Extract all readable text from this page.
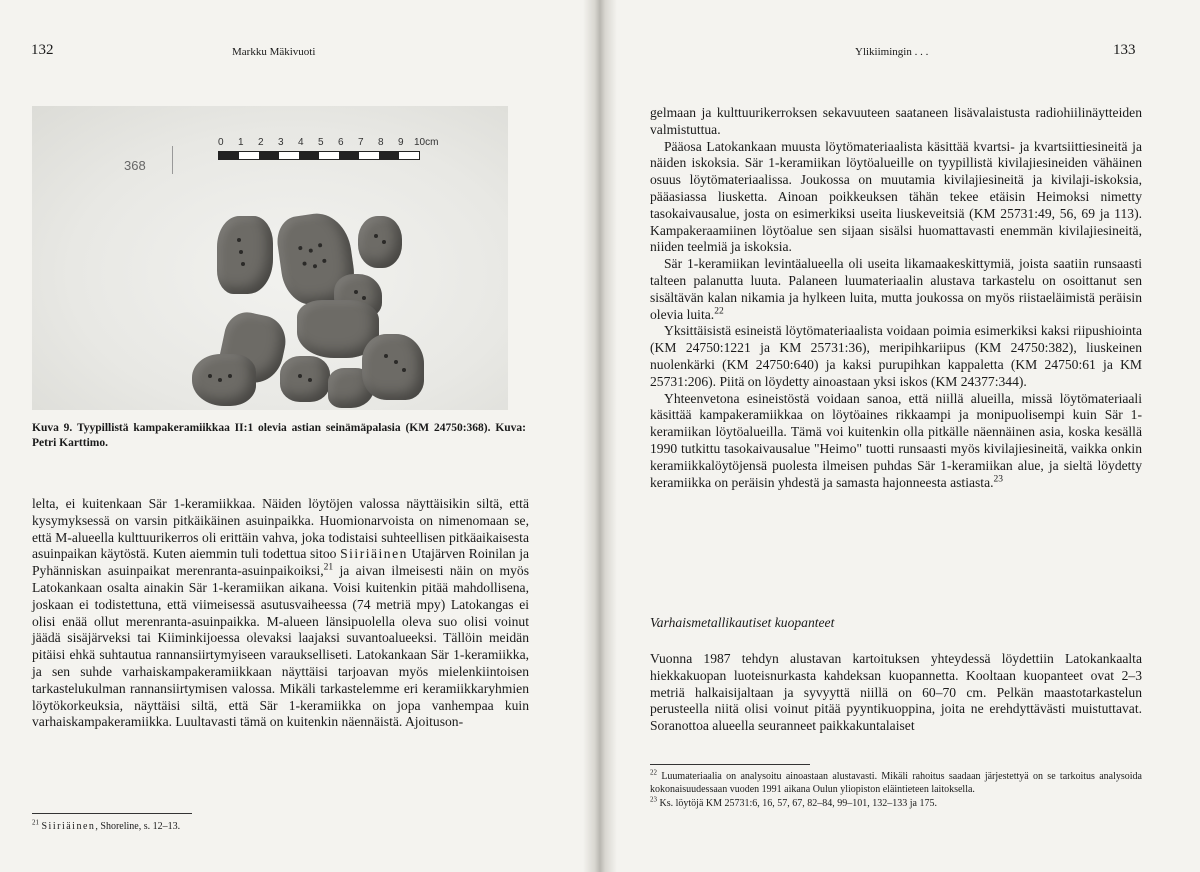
132	Markku Mäkivuoti
368
0 1 2 3 4 5 6 7 8 9 10cm
Kuva 9. Tyypillistä kampakeramiikkaa II:1 olevia astian seinämäpalasia (KM 24750:368). Kuva: Petri Karttimo.

lelta, ei kuitenkaan Sär 1-keramiikkaa. Näiden löytöjen valossa näyttäisikin siltä, että kysymyksessä on varsin pitkäikäinen asuinpaikka. Huomionarvoista on nimenomaan se, että M-alueella kulttuurikerros oli erittäin vahva, joka todistaisi suhteellisen pitkäaikaisesta asuinpaikan käytöstä. Kuten aiemmin tuli todettua sitoo Siiriäinen Utajärven Roinilan ja Pyhänniskan asuinpaikat merenranta-asuinpaikoiksi,$^{21}$ ja aivan ilmeisesti näin on myös Latokankaan osalta ainakin Sär 1-keramiikan aikana. Voisi kuitenkin pitää mahdollisena, joskaan ei todistettuna, että viimeisessä asutusvaiheessa (74 metriä mpy) Latokangas ei olisi enää ollut merenranta-asuinpaikka. M-alueen länsipuolella oleva suo olisi voinut jäädä sisäjärveksi tai Kiiminkijoessa olevaksi laajaksi suvantoalueeksi. Tällöin meidän pitäisi ehkä suhtautua rannansiirtymyiseen varaukselliseti. Latokankaan Sär 1-keramiikka, ja sen suhde varhaiskampakeramiikkaan näyttäisi tarjoavan myös mielenkiintoisen tarkastelukulman rannansiirtymisen valossa. Mikäli tarkastelemme eri keramiikkaryhmien löytökorkeuksia, näyttäisi siltä, että Sär 1-keramiikka on jopa vanhempaa kuin varhaiskampakeramiikka. Luultavasti tämä on kuitenkin näennäistä. Ajoituson-

$^{21}$ Siiriäinen, Shoreline, s. 12–13.

Ylikiimingin . . .	133

gelmaan ja kulttuurikerroksen sekavuuteen saataneen lisävalaistusta radiohiilinäytteiden valmistuttua.

Pääosa Latokankaan muusta löytömateriaalista käsittää kvartsi- ja kvartsiittiesineitä ja näiden iskoksia. Sär 1-keramiikan löytöalueille on tyypillistä kivilajiesineiden vähäinen osuus löytömateriaalissa. Joukossa on muutamia kivilajiesineitä ja kivilaji-iskoksia, pääasiassa liusketta. Ainoan poikkeuksen tähän tekee etäisin Heimoksi nimetty tasokaivausalue, josta on esimerkiksi useita liuskeveitsiä (KM 25731:49, 56, 69 ja 113). Kampakeraamiinen löytöalue sen sijaan sisälsi huomattavasti enemmän kivilajiesineitä, niiden teelmiä ja iskoksia.

Sär 1-keramiikan levintäalueella oli useita likamaakeskittymiä, joista saatiin runsaasti talteen palanutta luuta. Palaneen luumateriaalin alustava tarkastelu on osoittanut sen sisältävän kalan nikamia ja hylkeen luita, mutta joukossa on myös riistaeläimistä peräisin olevia luita.$^{22}$

Yksittäisistä esineistä löytömateriaalista voidaan poimia esimerkiksi kaksi riipushiointa (KM 24750:1221 ja KM 25731:36), meripihkariipus (KM 24750:382), liuskeinen nuolenkärki (KM 24750:640) ja kaksi purupihkan kappaletta (KM 24750:61 ja KM 25731:206). Piitä on löydetty ainoastaan yksi iskos (KM 24377:344).

Yhteenvetona esineistöstä voidaan sanoa, että niillä alueilla, missä löytömateriaali käsittää kampakeramiikkaa on löytöaines rikkaampi ja monipuolisempi kuin Sär 1-keramiikan löytöalueilla. Tämä voi kuitenkin olla pitkälle näennäinen asia, koska kesällä 1990 tutkittu tasokaivausalue "Heimo" tuotti runsaasti myös kivilajiesineitä, vaikka onkin keramiikkalöytöjensä puolesta ilmeisen puhdas Sär 1-keramiikan alue, ja sieltä löydetty keramiikka on peräisin yhdestä ja samasta hajonneesta astiasta.$^{23}$

Varhaismetallikautiset kuopanteet

Vuonna 1987 tehdyn alustavan kartoituksen yhteydessä löydettiin Latokankaalta hiekkakuopan luoteisnurkasta kahdeksan kuopannetta. Kooltaan kuopanteet ovat 2–3 metriä halkaisijaltaan ja syvyyttä niillä on 60–70 cm. Pelkän maastotarkastelun perusteella niitä olisi voinut pitää pyyntikuoppina, joita ne erehdyttävästi muistuttavat. Soranottoa alueella seuranneet paikkakuntalaiset

$^{22}$ Luumateriaalia on analysoitu ainoastaan alustavasti. Mikäli rahoitus saadaan järjestettyä on se tarkoitus analysoida kokonaisuudessaan vuoden 1991 aikana Oulun yliopiston eläintieteen laitoksella.

$^{23}$ Ks. löytöjä KM 25731:6, 16, 57, 67, 82–84, 99–101, 132–133 ja 175.
